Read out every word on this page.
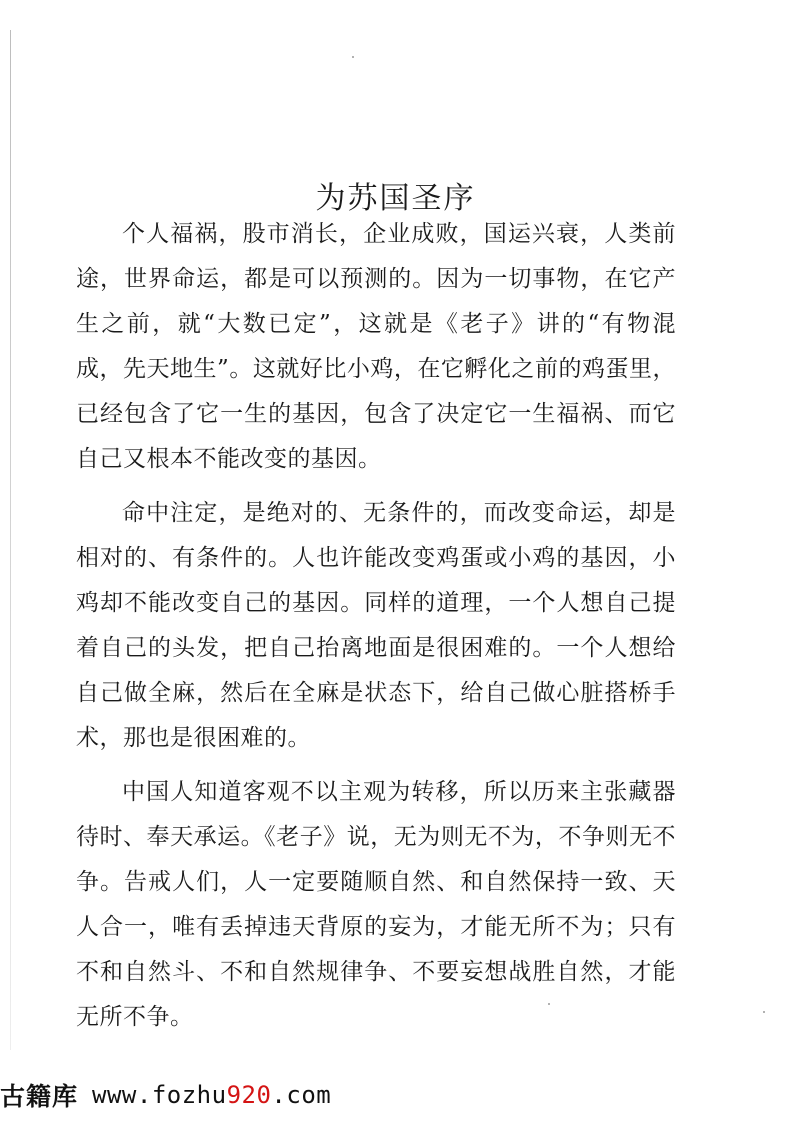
为苏国圣序

个人福祸，股市消长，企业成败，国运兴衰，人类前途，世界命运，都是可以预测的。因为一切事物，在它产生之前，就“大数已定”，这就是《老子》讲的“有物混成，先天地生”。这就好比小鸡，在它孵化之前的鸡蛋里，已经包含了它一生的基因，包含了决定它一生福祸、而它自己又根本不能改变的基因。

命中注定，是绝对的、无条件的，而改变命运，却是相对的、有条件的。人也许能改变鸡蛋或小鸡的基因，小鸡却不能改变自己的基因。同样的道理，一个人想自己提着自己的头发，把自己抬离地面是很困难的。一个人想给自己做全麻，然后在全麻是状态下，给自己做心脏搭桥手术，那也是很困难的。

中国人知道客观不以主观为转移，所以历来主张藏器待时、奉天承运。《老子》说，无为则无不为，不争则无不争。告戒人们，人一定要随顺自然、和自然保持一致、天人合一，唯有丢掉违天背原的妄为，才能无所不为；只有不和自然斗、不和自然规律争、不要妄想战胜自然，才能无所不争。

古籍库 www.fozhu920.com
